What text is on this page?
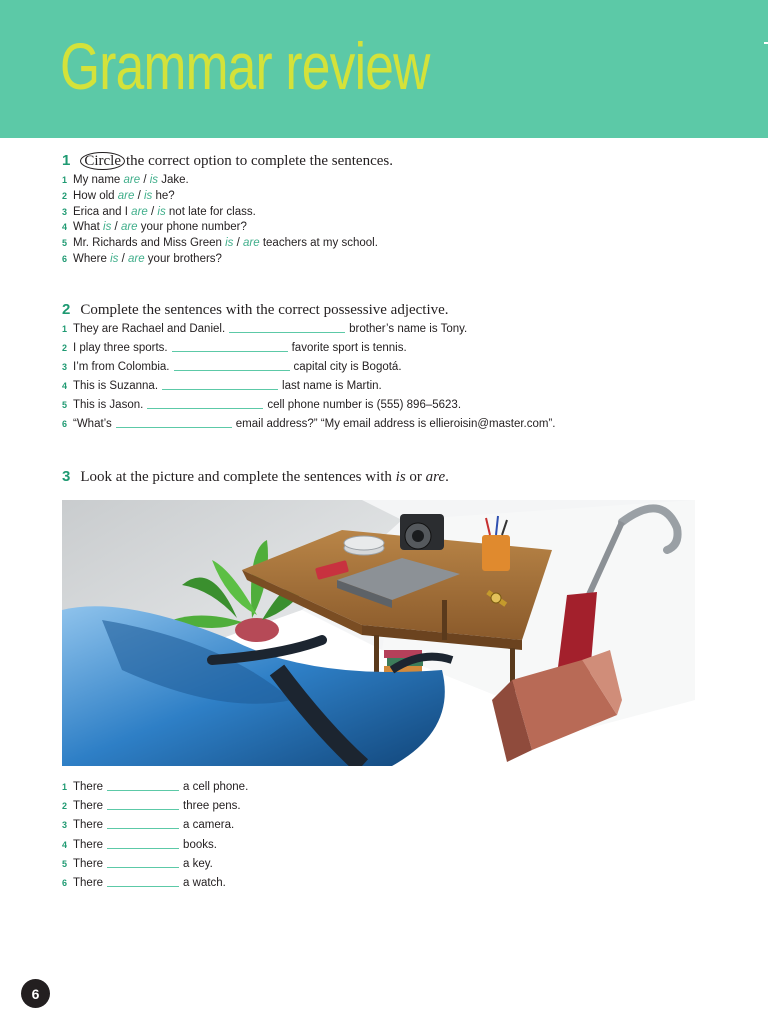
Grammar review
1 Circle the correct option to complete the sentences.
1 My name are / is Jake.
2 How old are / is he?
3 Erica and I are / is not late for class.
4 What is / are your phone number?
5 Mr. Richards and Miss Green is / are teachers at my school.
6 Where is / are your brothers?
2 Complete the sentences with the correct possessive adjective.
1 They are Rachael and Daniel.	brother’s name is Tony.
2 I play three sports.	favorite sport is tennis.
3 I’m from Colombia.	capital city is Bogotá.
4 This is Suzanna.	last name is Martin.
5 This is Jason.	cell phone number is (555) 896–5623.
6 “What’s	email address?” “My email address is ellieroisin@master.com”.
3 Look at the picture and complete the sentences with is or are.
1 There	a cell phone.
2 There	three pens.
3 There	a camera.
4 There	books.
5 There	a key.
6 There	a watch.
6
